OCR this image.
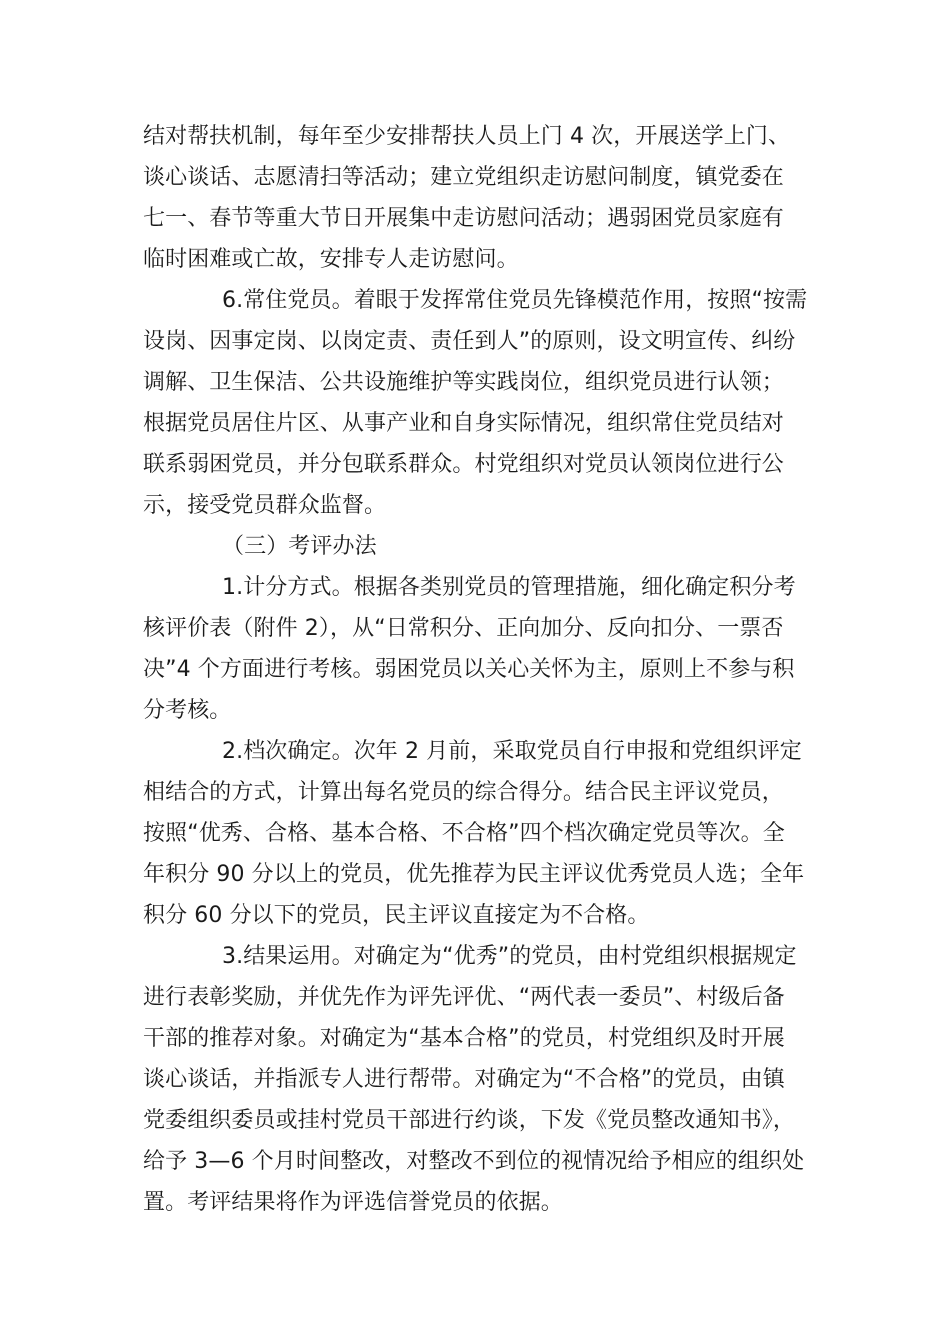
结对帮扶机制，每年至少安排帮扶人员上门 4 次，开展送学上门、
谈心谈话、志愿清扫等活动；建立党组织走访慰问制度，镇党委在
七一、春节等重大节日开展集中走访慰问活动；遇弱困党员家庭有
临时困难或亡故，安排专人走访慰问。
6.常住党员。着眼于发挥常住党员先锋模范作用，按照“按需
设岗、因事定岗、以岗定责、责任到人”的原则，设文明宣传、纠纷
调解、卫生保洁、公共设施维护等实践岗位，组织党员进行认领；
根据党员居住片区、从事产业和自身实际情况，组织常住党员结对
联系弱困党员，并分包联系群众。村党组织对党员认领岗位进行公
示，接受党员群众监督。
（三）考评办法
1.计分方式。根据各类别党员的管理措施，细化确定积分考
核评价表（附件 2），从“日常积分、正向加分、反向扣分、一票否
决”4 个方面进行考核。弱困党员以关心关怀为主，原则上不参与积
分考核。
2.档次确定。次年 2 月前，采取党员自行申报和党组织评定
相结合的方式，计算出每名党员的综合得分。结合民主评议党员，
按照“优秀、合格、基本合格、不合格”四个档次确定党员等次。全
年积分 90 分以上的党员，优先推荐为民主评议优秀党员人选；全年
积分 60 分以下的党员，民主评议直接定为不合格。
3.结果运用。对确定为“优秀”的党员，由村党组织根据规定
进行表彰奖励，并优先作为评先评优、“两代表一委员”、村级后备
干部的推荐对象。对确定为“基本合格”的党员，村党组织及时开展
谈心谈话，并指派专人进行帮带。对确定为“不合格”的党员，由镇
党委组织委员或挂村党员干部进行约谈，下发《党员整改通知书》，
给予 3—6 个月时间整改，对整改不到位的视情况给予相应的组织处
置。考评结果将作为评选信誉党员的依据。
